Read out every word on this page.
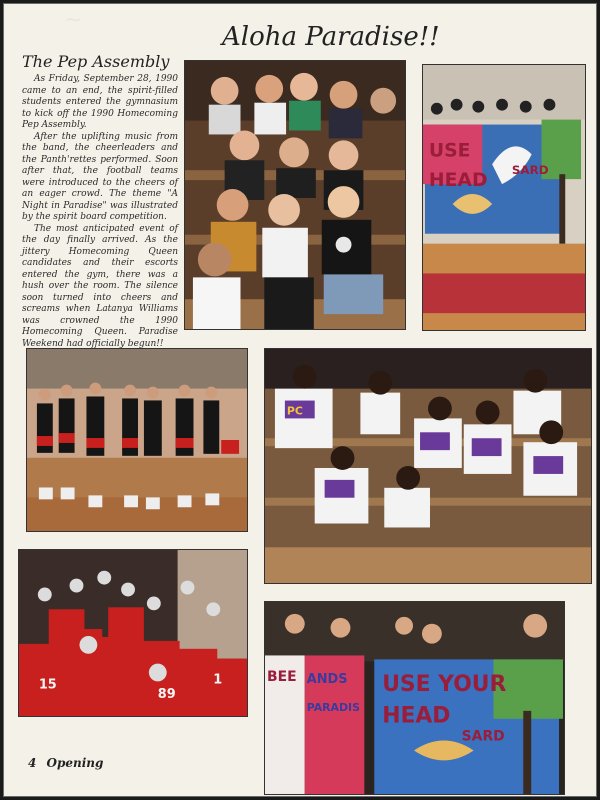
~
Aloha Paradise!!
The Pep Assembly

As Friday, September 28, 1990 came to an end, the spirit-filled students entered the gymnasium to kick off the 1990 Homecoming Pep Assembly.

After the uplifting music from the band, the cheerleaders and the Panth'rettes performed. Soon after that, the football teams were introduced to the cheers of an eager crowd. The theme "A Night in Paradise" was illustrated by the spirit board competition.

The most anticipated event of the day finally arrived. As the jittery Homecoming Queen candidates and their escorts entered the gym, there was a hush over the room. The silence soon turned into cheers and screams when Latanya Williams was crowned the 1990 Homecoming Queen. Paradise Weekend had officially begun!!

USE
HEAD SARD
PC
15
89
1	BEE ANDS
PARADIS
USE YOUR
HEAD
SARD
4 Opening
